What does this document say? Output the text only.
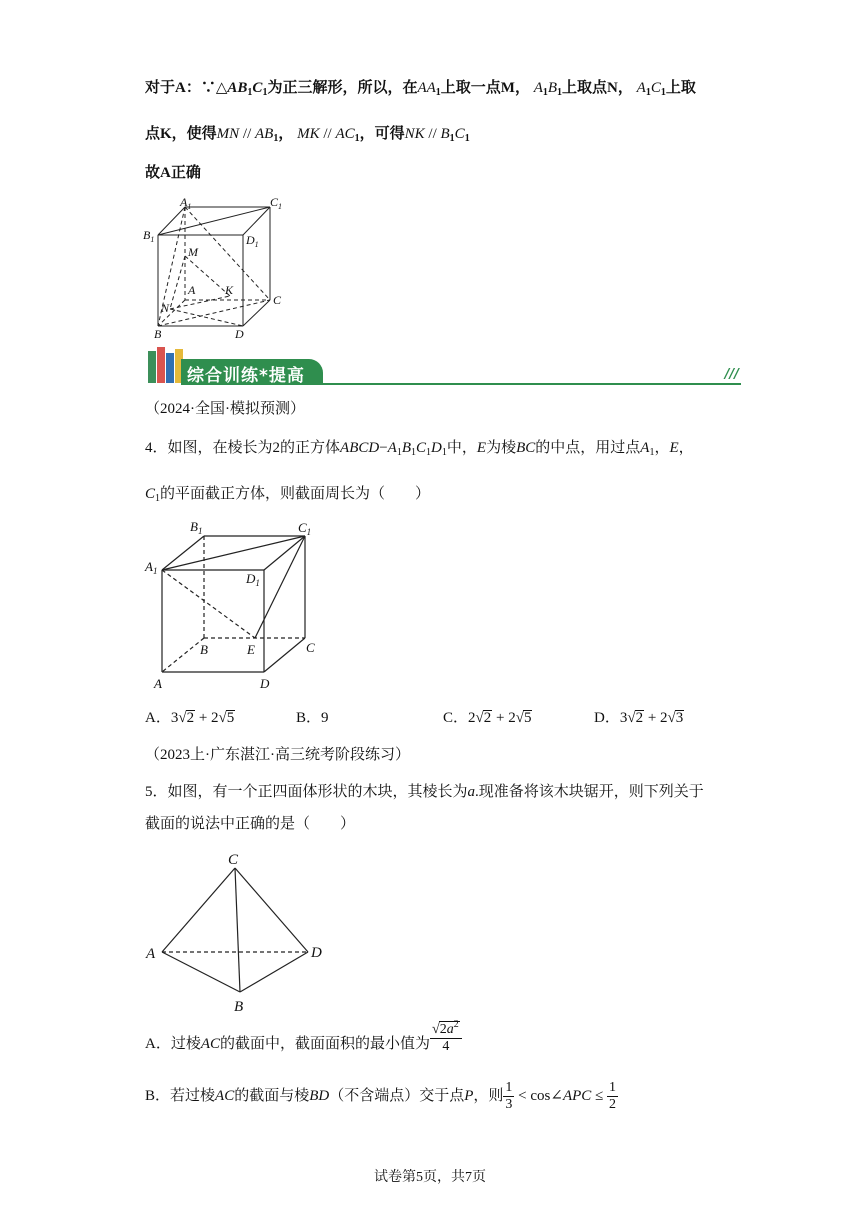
对于A：$\because\triangle AB_1C_1$为正三解形，所以，在$AA_1$上取一点M， $A_1B_1$上取点N， $A_1C_1$上取
点K，使得MN // $AB_1$， MK // $AC_1$，可得NK // $B_1C_1$
故A正确
$A_1$	$C_1$
$B_1$	$D_1$
M
A K
C
N
B	D
综合训练*提高	///
（2024·全国·模拟预测）
4．如图，在棱长为2的正方体$ABCD-A_1B_1C_1D_1$中，E为棱BC的中点，用过点$A_1$，E，
$C_1$的平面截正方体，则截面周长为（　　）
$B_1$	$C_1$
$A_1$	$D_1$
B	E	C
A	D
A．3√2 + 2√5	B．9	C．2√2 + 2√5	D．3√2 + 2√3
（2023上·广东湛江·高三统考阶段练习）
5．如图，有一个正四面体形状的木块，其棱长为a.现准备将该木块锯开，则下列关于
截面的说法中正确的是（　　）
C
A	D
B
A．过棱AC的截面中，截面面积的最小值为 $\frac{√2a^2}{4}$
B．若过棱AC的截面与棱BD（不含端点）交于点P，则 $\frac{1}{3}$ < cos∠APC ≤ $\frac{1}{2}$
试卷第5页，共7页
